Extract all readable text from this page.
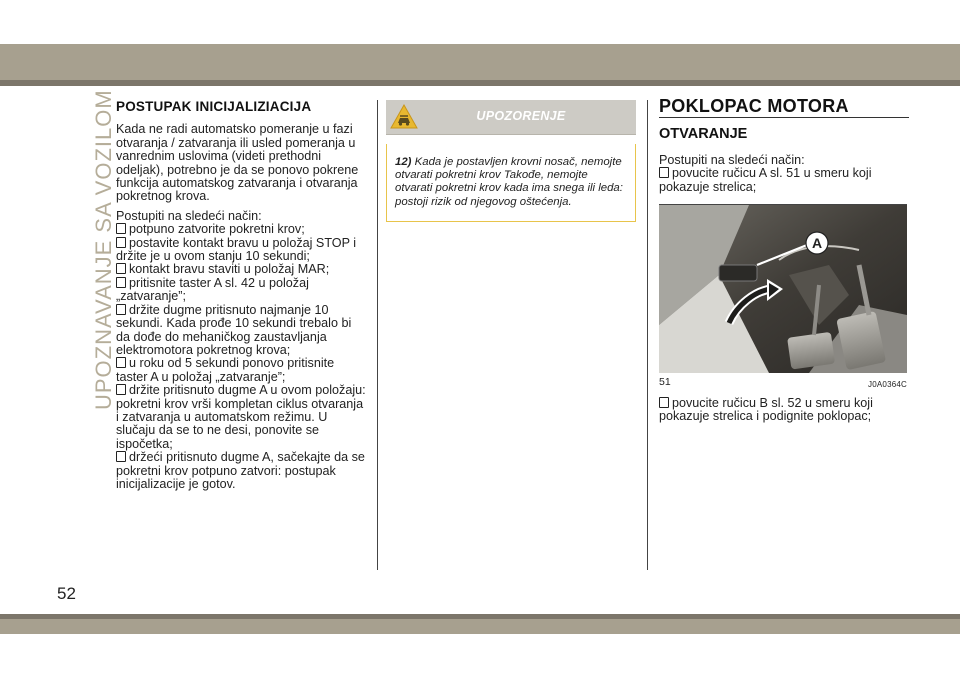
UPOZNAVANJE SA VOZILOM POSTUPAK INICIJALIZIACIJA

Kada ne radi automatsko pomeranje u fazi otvaranja / zatvaranja ili usled pomeranja u vanrednim uslovima (videti prethodni odeljak), potrebno je da se ponovo pokrene funkcija automatskog zatvaranja i otvaranja pokretnog krova.

Postupiti na sledeći način:

potpuno zatvorite pokretni krov;
postavite kontakt bravu u položaj STOP i držite je u ovom stanju 10 sekundi;
kontakt bravu staviti u položaj MAR;
pritisnite taster A sl. 42 u položaj „zatvaranje”;
držite dugme pritisnuto najmanje 10 sekundi. Kada prođe 10 sekundi trebalo bi da dođe do mehaničkog zaustavljanja elektromotora pokretnog krova;
u roku od 5 sekundi ponovo pritisnite taster A u položaj „zatvaranje”;
držite pritisnuto dugme A u ovom položaju: pokretni krov vrši kompletan ciklus otvaranja i zatvaranja u automatskom režimu. U slučaju da se to ne desi, ponovite se ispočetka;
držeći pritisnuto dugme A, sačekajte da se pokretni krov potpuno zatvori: postupak inicijalizacije je gotov.
UPOZORENJE
12) Kada je postavljen krovni nosač, nemojte otvarati pokretni krov Takođe, nemojte otvarati pokretni krov kada ima snega ili leda: postoji rizik od njegovog oštećenja.
POKLOPAC MOTORA
OTVARANJE

Postupiti na sledeći način:

povucite ručicu A sl. 51 u smeru koji pokazuje strelica;
A
51	J0A0364C
povucite ručicu B sl. 52 u smeru koji pokazuje strelica i podignite poklopac;
52
